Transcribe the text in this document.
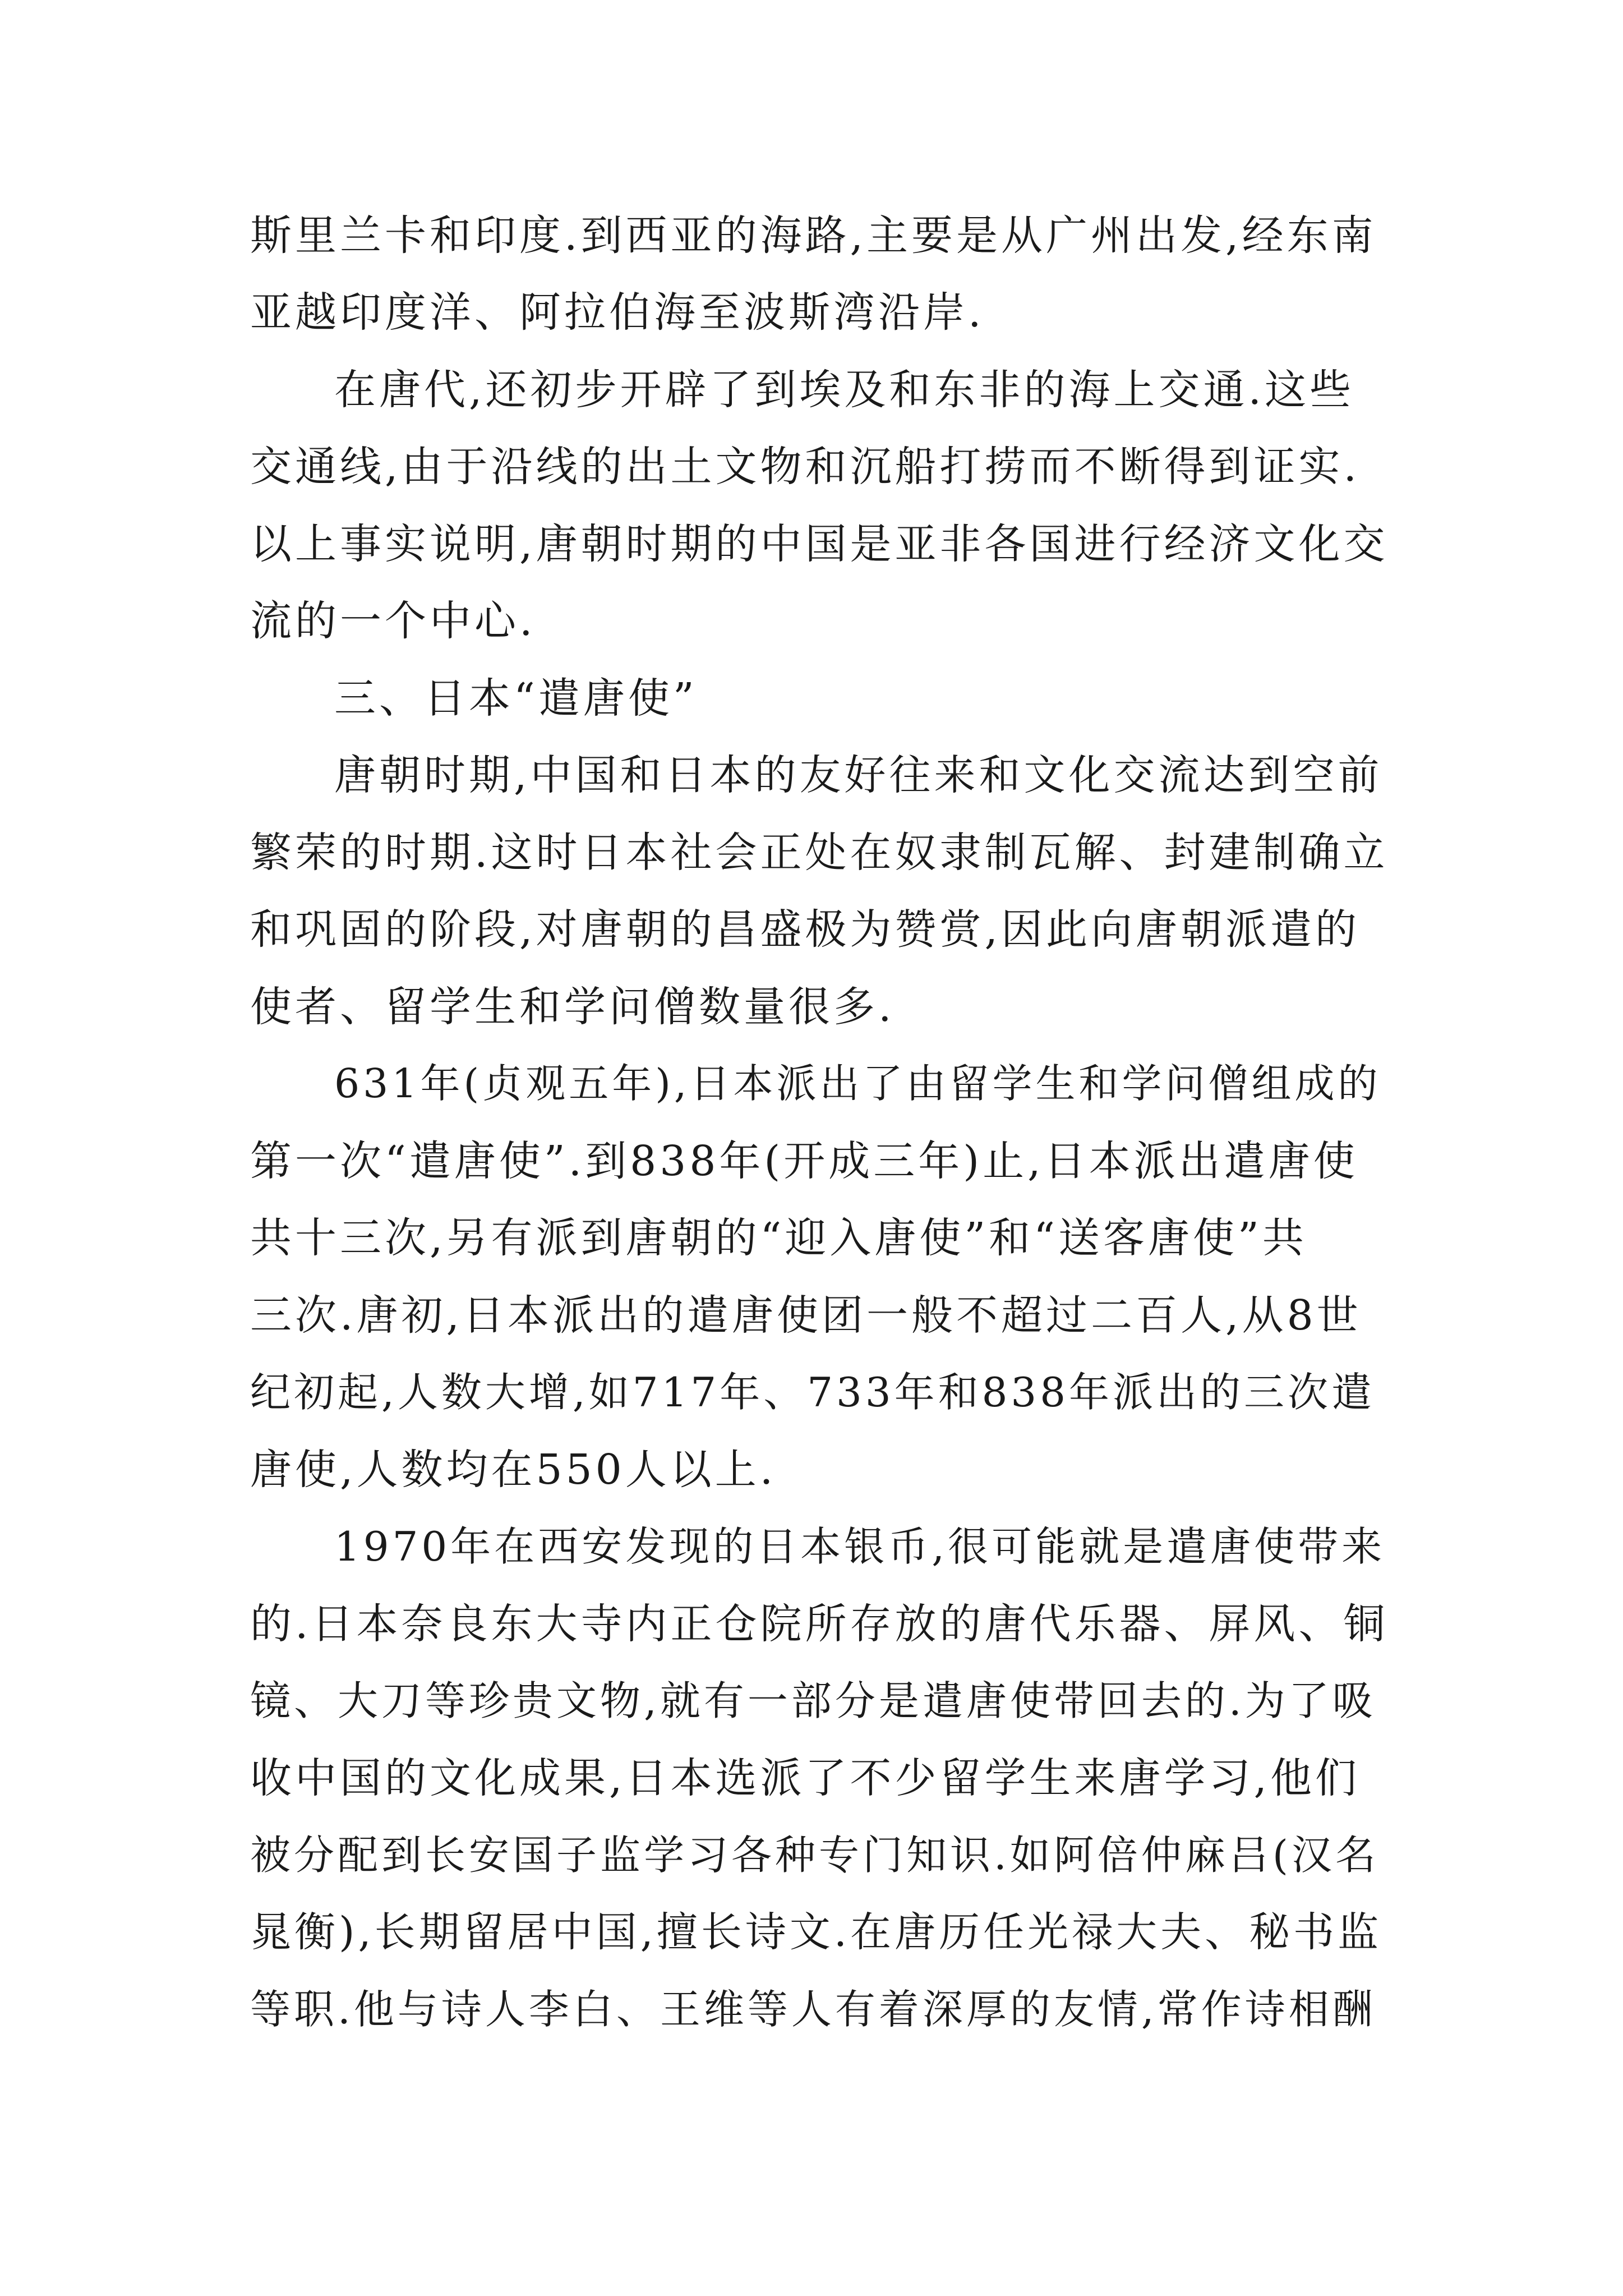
斯里兰卡和印度.到西亚的海路,主要是从广州出发,经东南
亚越印度洋、阿拉伯海至波斯湾沿岸.
在唐代,还初步开辟了到埃及和东非的海上交通.这些
交通线,由于沿线的出土文物和沉船打捞而不断得到证实.
以上事实说明,唐朝时期的中国是亚非各国进行经济文化交
流的一个中心.
三、日本“遣唐使”
唐朝时期,中国和日本的友好往来和文化交流达到空前
繁荣的时期.这时日本社会正处在奴隶制瓦解、封建制确立
和巩固的阶段,对唐朝的昌盛极为赞赏,因此向唐朝派遣的
使者、留学生和学问僧数量很多.
631年(贞观五年),日本派出了由留学生和学问僧组成的
第一次“遣唐使”.到838年(开成三年)止,日本派出遣唐使
共十三次,另有派到唐朝的“迎入唐使”和“送客唐使”共
三次.唐初,日本派出的遣唐使团一般不超过二百人,从8世
纪初起,人数大增,如717年、733年和838年派出的三次遣
唐使,人数均在550人以上.
1970年在西安发现的日本银币,很可能就是遣唐使带来
的.日本奈良东大寺内正仓院所存放的唐代乐器、屏风、铜
镜、大刀等珍贵文物,就有一部分是遣唐使带回去的.为了吸
收中国的文化成果,日本选派了不少留学生来唐学习,他们
被分配到长安国子监学习各种专门知识.如阿倍仲麻吕(汉名
晁衡),长期留居中国,擅长诗文.在唐历任光禄大夫、秘书监
等职.他与诗人李白、王维等人有着深厚的友情,常作诗相酬
